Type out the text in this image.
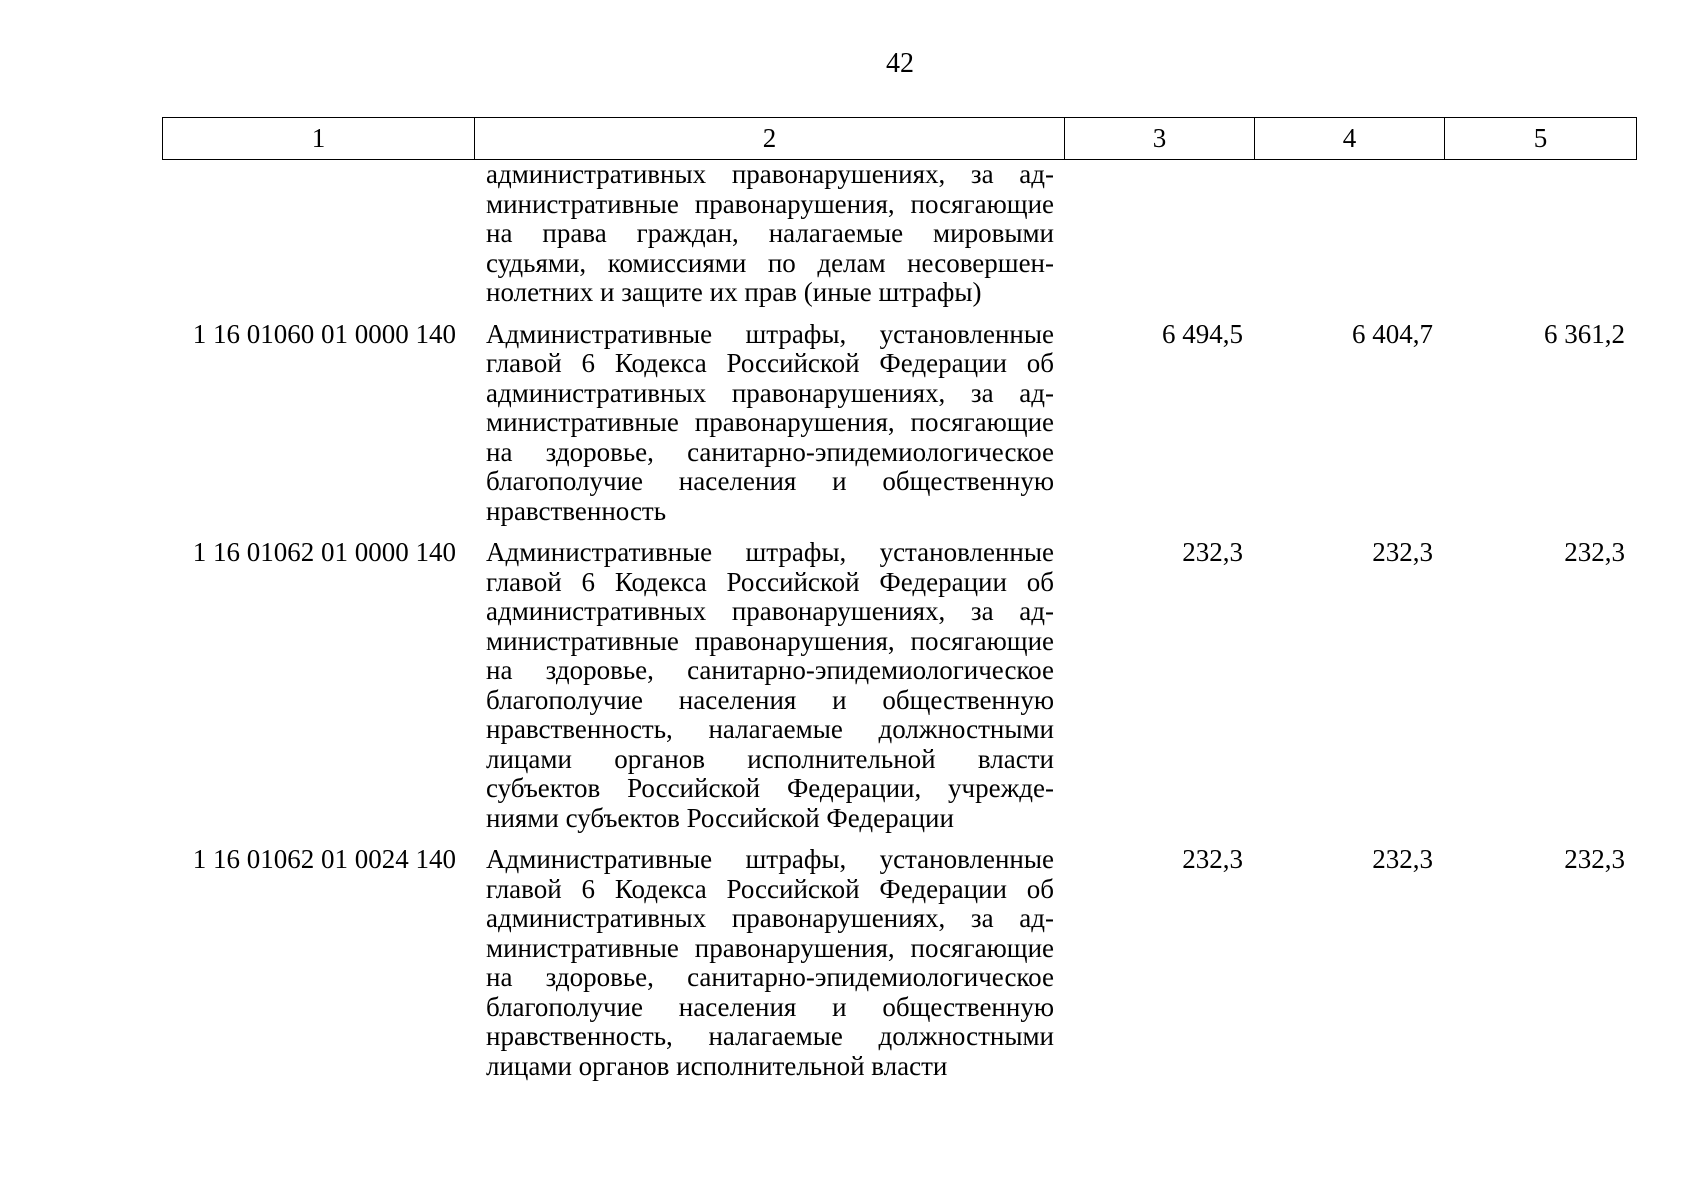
42
1	2	3	4	5
	административных правонарушениях, за административные правонарушения, посягающие на права граждан, налагаемые мировыми судьями, комиссиями по делам несовершеннолетних и защите их прав (иные штрафы)			
1 16 01060 01 0000 140	Административные штрафы, установленные главой 6 Кодекса Российской Федерации об административных правонарушениях, за административные правонарушения, посягающие на здоровье, санитарно-эпидемиологическое благополучие населения и общественную нравственность	6 494,5	6 404,7	6 361,2
1 16 01062 01 0000 140	Административные штрафы, установленные главой 6 Кодекса Российской Федерации об административных правонарушениях, за административные правонарушения, посягающие на здоровье, санитарно-эпидемиологическое благополучие населения и общественную нравственность, налагаемые должностными лицами органов исполнительной власти субъектов Российской Федерации, учреждениями субъектов Российской Федерации	232,3	232,3	232,3
1 16 01062 01 0024 140	Административные штрафы, установленные главой 6 Кодекса Российской Федерации об административных правонарушениях, за административные правонарушения, посягающие на здоровье, санитарно-эпидемиологическое благополучие населения и общественную нравственность, налагаемые должностными лицами органов исполнительной власти	232,3	232,3	232,3
